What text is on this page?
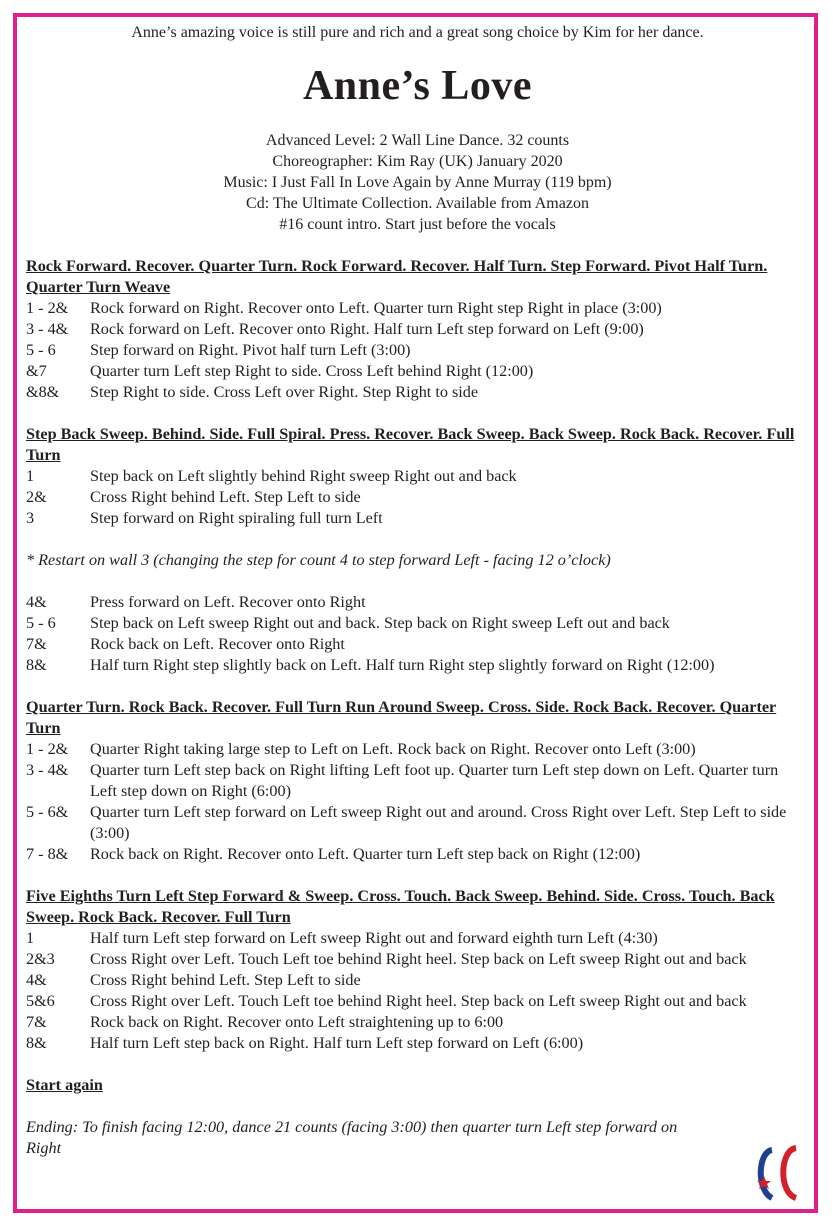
Anne’s amazing voice is still pure and rich and a great song choice by Kim for her dance.
Anne’s Love
Advanced Level: 2 Wall Line Dance. 32 counts
Choreographer: Kim Ray (UK) January 2020
Music: I Just Fall In Love Again by Anne Murray (119 bpm)
Cd: The Ultimate Collection. Available from Amazon
#16 count intro. Start just before the vocals
Rock Forward. Recover. Quarter Turn. Rock Forward. Recover. Half Turn. Step Forward. Pivot Half Turn. Quarter Turn Weave
1 - 2&	Rock forward on Right. Recover onto Left. Quarter turn Right step Right in place (3:00)
3 - 4&	Rock forward on Left. Recover onto Right. Half turn Left step forward on Left (9:00)
5 - 6	Step forward on Right. Pivot half turn Left (3:00)
&7	Quarter turn Left step Right to side. Cross Left behind Right (12:00)
&8&	Step Right to side. Cross Left over Right. Step Right to side
Step Back Sweep. Behind. Side. Full Spiral. Press. Recover. Back Sweep. Back Sweep. Rock Back. Recover. Full Turn
1	Step back on Left slightly behind Right sweep Right out and back
2&	Cross Right behind Left. Step Left to side
3	Step forward on Right spiraling full turn Left
* Restart on wall 3 (changing the step for count 4 to step forward Left - facing 12 o’clock)
4&	Press forward on Left. Recover onto Right
5 - 6	Step back on Left sweep Right out and back. Step back on Right sweep Left out and back
7&	Rock back on Left. Recover onto Right
8&	Half turn Right step slightly back on Left. Half turn Right step slightly forward on Right (12:00)
Quarter Turn. Rock Back. Recover. Full Turn Run Around Sweep. Cross. Side. Rock Back. Recover. Quarter Turn
1 - 2&	Quarter Right taking large step to Left on Left. Rock back on Right. Recover onto Left (3:00)
3 - 4&	Quarter turn Left step back on Right lifting Left foot up. Quarter turn Left step down on Left. Quarter turn Left step down on Right (6:00)
5 - 6&	Quarter turn Left step forward on Left sweep Right out and around. Cross Right over Left. Step Left to side (3:00)
7 - 8&	Rock back on Right. Recover onto Left. Quarter turn Left step back on Right (12:00)
Five Eighths Turn Left Step Forward & Sweep. Cross. Touch. Back Sweep. Behind. Side. Cross. Touch. Back Sweep. Rock Back. Recover. Full Turn
1	Half turn Left step forward on Left sweep Right out and forward eighth turn Left (4:30)
2&3	Cross Right over Left. Touch Left toe behind Right heel. Step back on Left sweep Right out and back
4&	Cross Right behind Left. Step Left to side
5&6	Cross Right over Left. Touch Left toe behind Right heel. Step back on Left sweep Right out and back
7&	Rock back on Right. Recover onto Left straightening up to 6:00
8&	Half turn Left step back on Right. Half turn Left step forward on Left (6:00)
Start again
Ending: To finish facing 12:00, dance 21 counts (facing 3:00) then quarter turn Left step forward on Right
